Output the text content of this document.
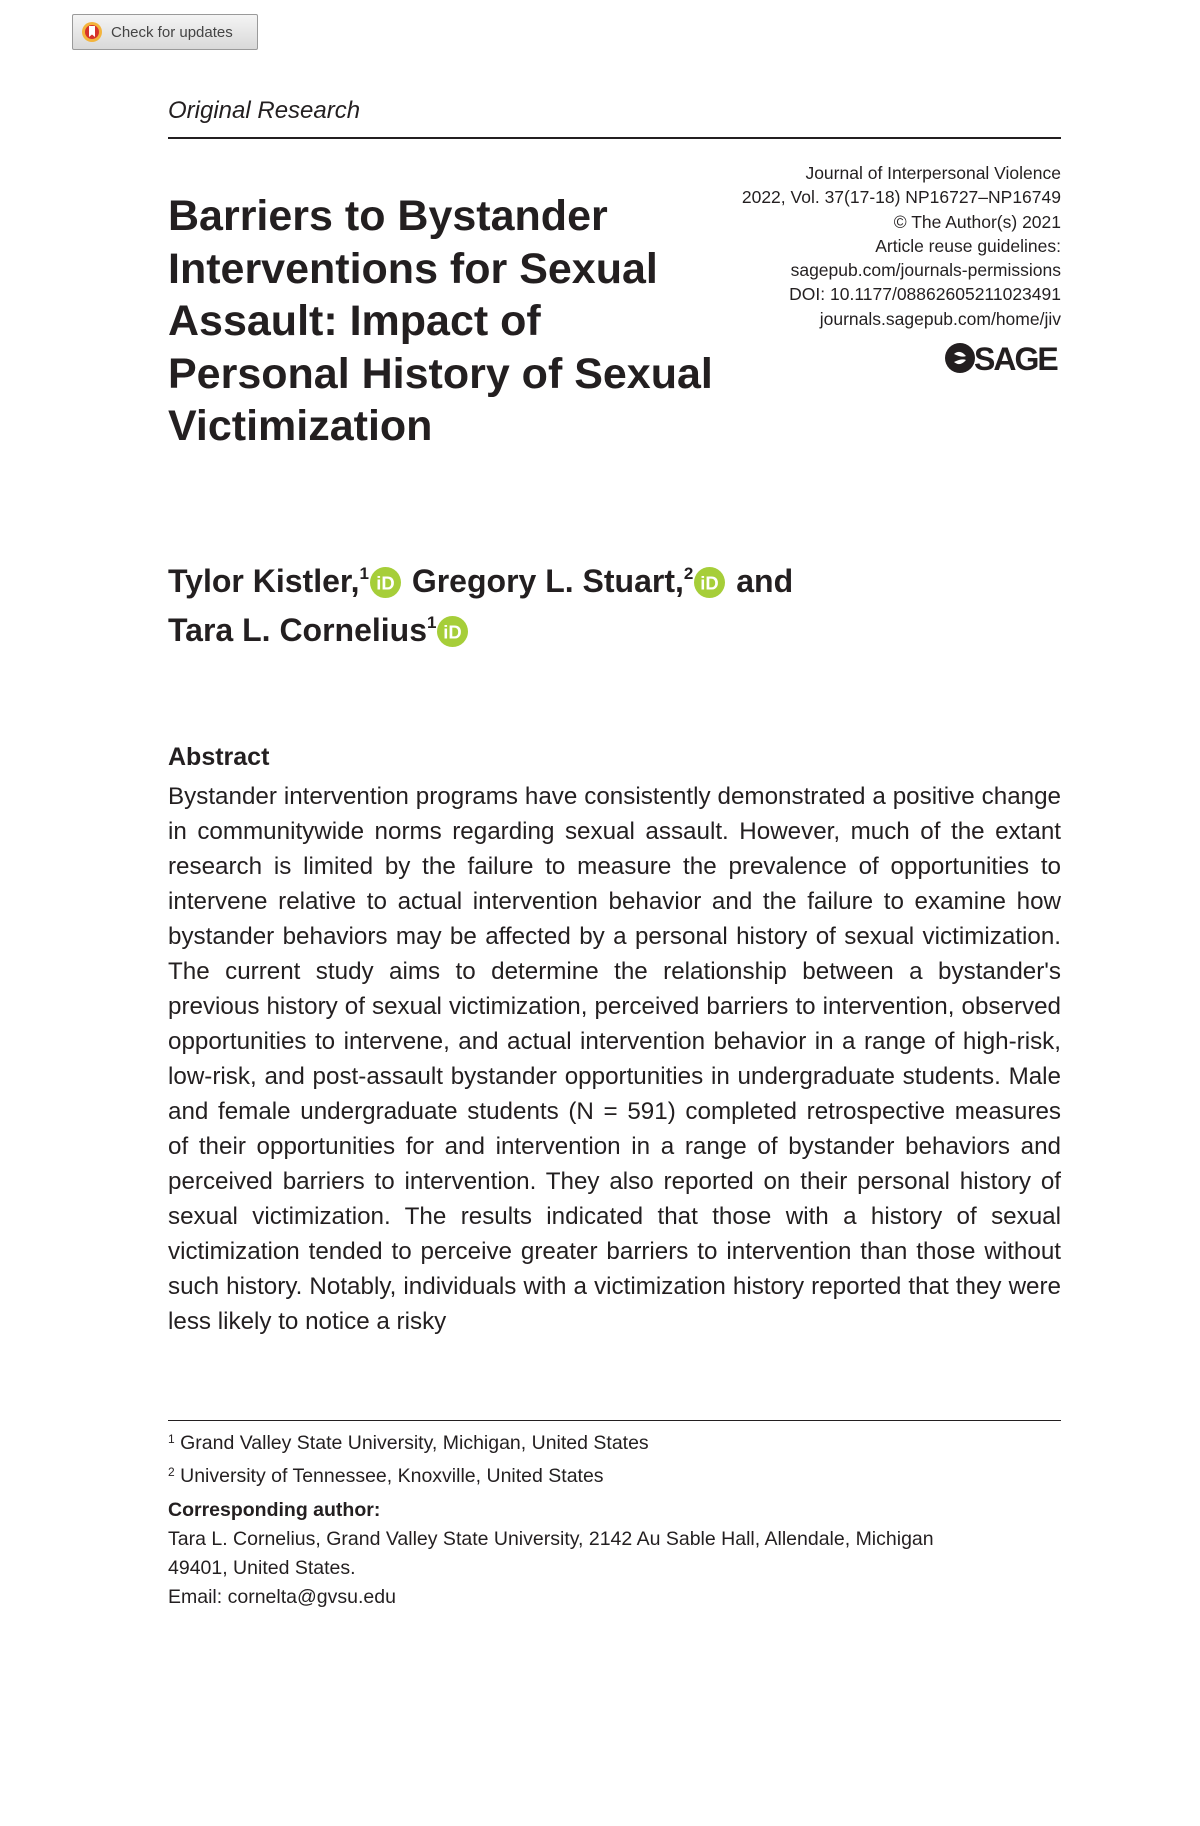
Check for updates
Original Research
Journal of Interpersonal Violence
2022, Vol. 37(17-18) NP16727–NP16749
© The Author(s) 2021
Article reuse guidelines:
sagepub.com/journals-permissions
DOI: 10.1177/08862605211023491
journals.sagepub.com/home/jiv
SAGE
Barriers to Bystander Interventions for Sexual Assault: Impact of Personal History of Sexual Victimization
Tylor Kistler,$^1$ iD Gregory L. Stuart,$^2$ iD and
Tara L. Cornelius$^1$ iD
Abstract

Bystander intervention programs have consistently demonstrated a positive change in communitywide norms regarding sexual assault. However, much of the extant research is limited by the failure to measure the prevalence of opportunities to intervene relative to actual intervention behavior and the failure to examine how bystander behaviors may be affected by a personal history of sexual victimization. The current study aims to determine the relationship between a bystander's previous history of sexual victimization, perceived barriers to intervention, observed opportunities to intervene, and actual intervention behavior in a range of high-risk, low-risk, and post-assault bystander opportunities in undergraduate students. Male and female undergraduate students (N = 591) completed retrospective measures of their opportunities for and intervention in a range of bystander behaviors and perceived barriers to intervention. They also reported on their personal history of sexual victimization. The results indicated that those with a history of sexual victimization tended to perceive greater barriers to intervention than those without such history. Notably, individuals with a victimization history reported that they were less likely to notice a risky

$^1$ Grand Valley State University, Michigan, United States
$^2$ University of Tennessee, Knoxville, United States
Corresponding author:
Tara L. Cornelius, Grand Valley State University, 2142 Au Sable Hall, Allendale, Michigan
49401, United States.
Email: corneltа@gvsu.edu
